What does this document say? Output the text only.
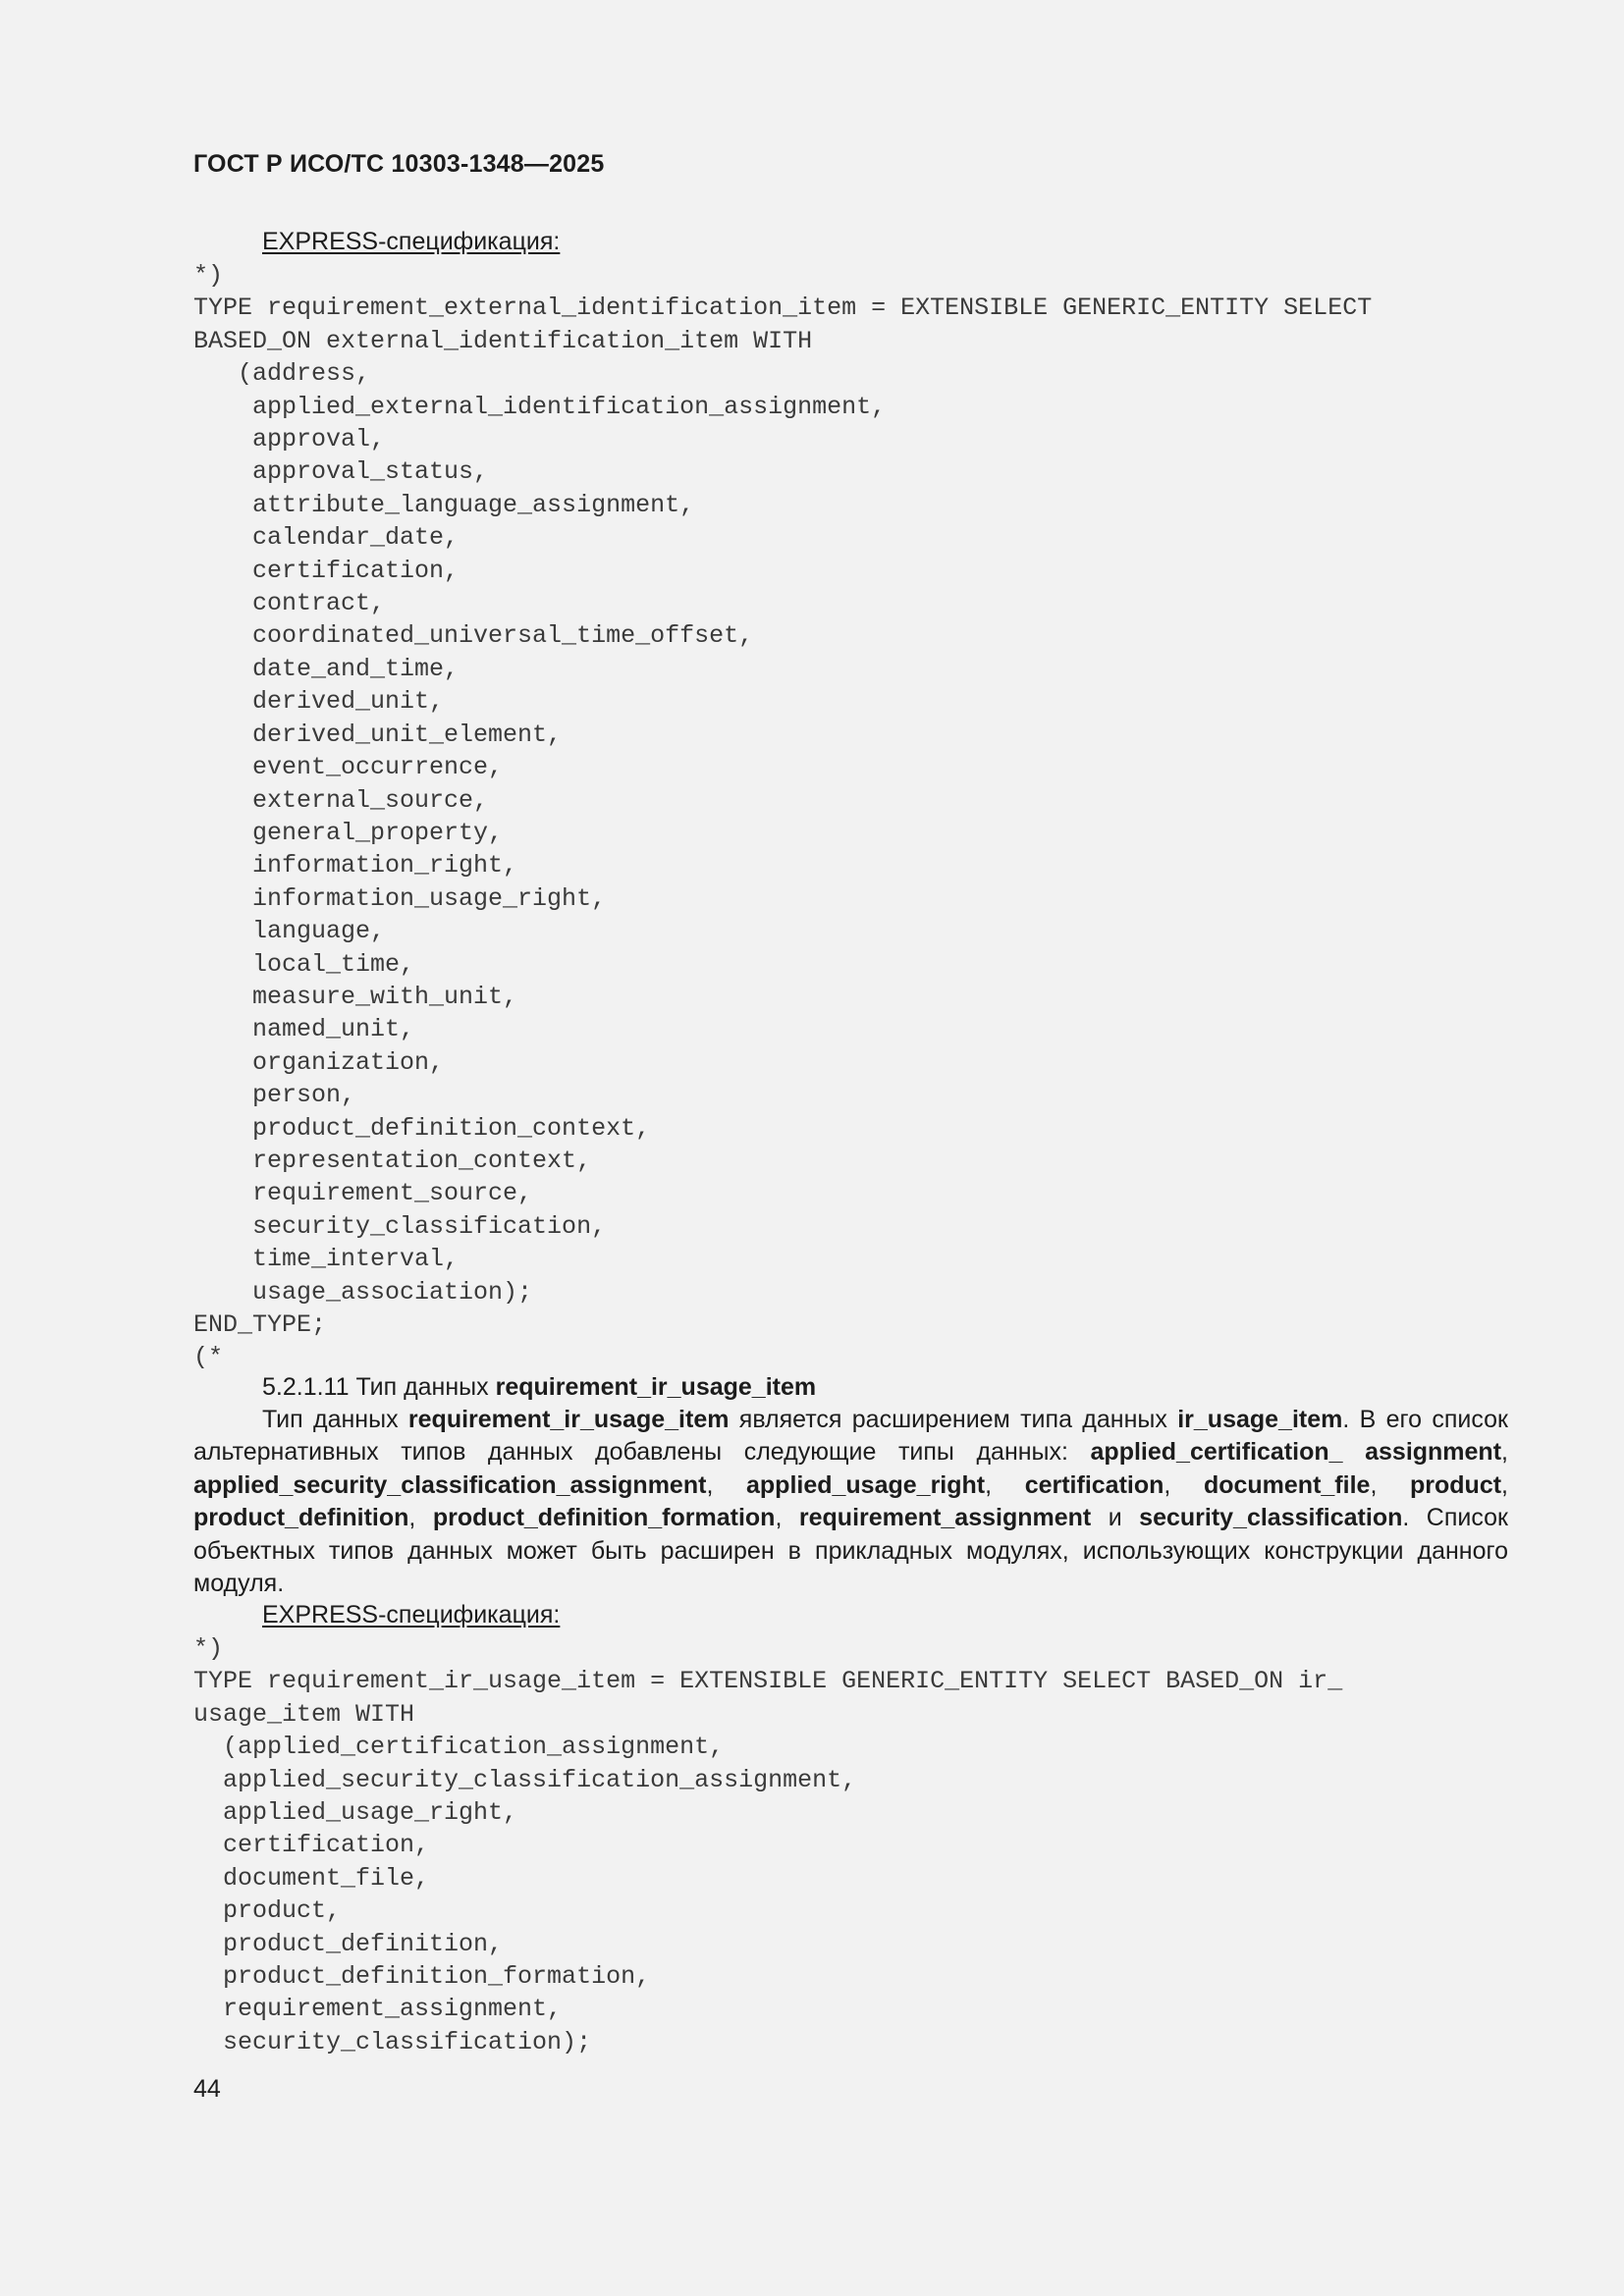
ГОСТ Р ИСО/ТС 10303-1348—2025
EXPRESS-спецификация:
*)
TYPE requirement_external_identification_item = EXTENSIBLE GENERIC_ENTITY SELECT
BASED_ON external_identification_item WITH
(address,
applied_external_identification_assignment,
approval,
approval_status,
attribute_language_assignment,
calendar_date,
certification,
contract,
coordinated_universal_time_offset,
date_and_time,
derived_unit,
derived_unit_element,
event_occurrence,
external_source,
general_property,
information_right,
information_usage_right,
language,
local_time,
measure_with_unit,
named_unit,
organization,
person,
product_definition_context,
representation_context,
requirement_source,
security_classification,
time_interval,
usage_association);
END_TYPE;
(*
5.2.1.11 Тип данных requirement_ir_usage_item

Тип данных requirement_ir_usage_item является расширением типа данных ir_usage_item. В его список альтернативных типов данных добавлены следующие типы данных: applied_certification_ assignment, applied_security_classification_assignment, applied_usage_right, certification, document_file, product, product_definition, product_definition_formation, requirement_assignment и security_classification. Список объектных типов данных может быть расширен в прикладных модулях, использующих конструкции данного модуля.

EXPRESS-спецификация:
*)
TYPE requirement_ir_usage_item = EXTENSIBLE GENERIC_ENTITY SELECT BASED_ON ir_
usage_item WITH
(applied_certification_assignment,
applied_security_classification_assignment,
applied_usage_right,
certification,
document_file,
product,
product_definition,
product_definition_formation,
requirement_assignment,
security_classification);
44
